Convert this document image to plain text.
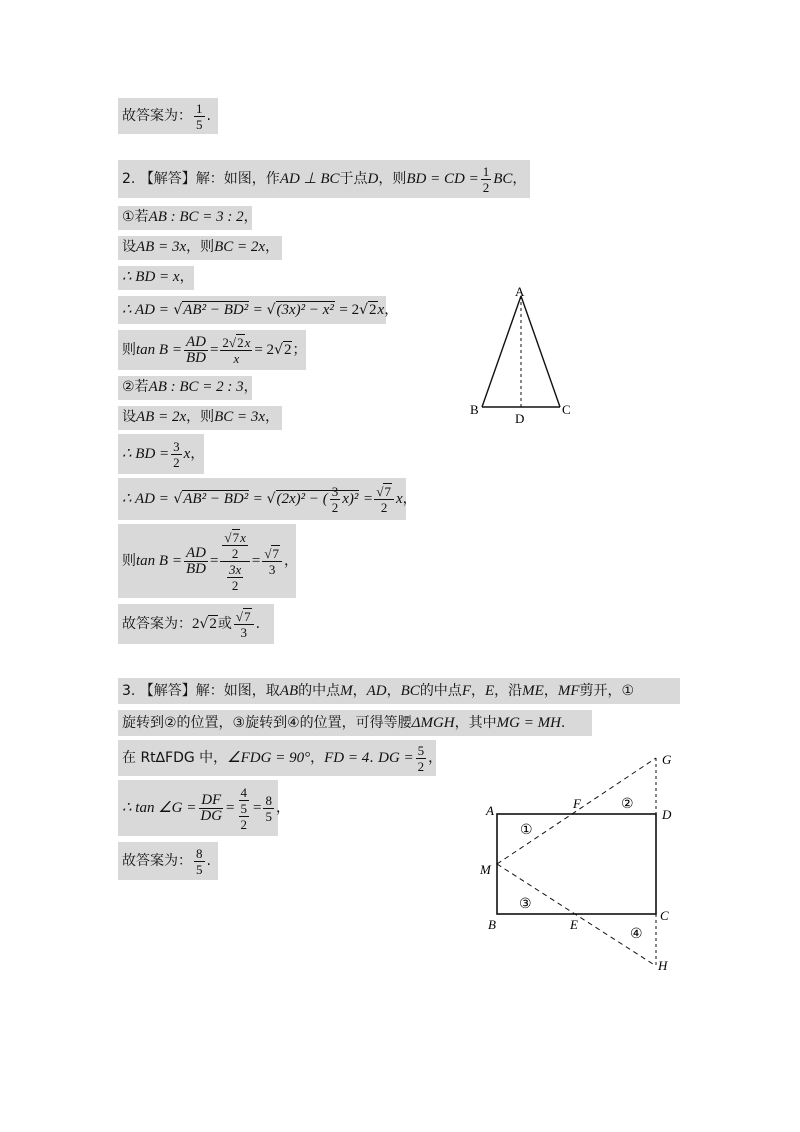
故答案为： $\frac{1}{5}$ .
2. 【解答】解：如图，作AD ⊥ BC于点D，则BD = CD = $\frac{1}{2}$ BC，
①若AB : BC = 3 : 2，
设AB = 3x，则BC = 2x，
∴ BD = x，
∴ AD = √AB² − BD² = √(3x)² − x² = 2√2x，
则$\tan B = \frac{AD}{BD} = \frac{2√2x}{x} = 2√2$；
②若AB : BC = 2 : 3，
设AB = 2x，则BC = 3x，
∴ BD = $\frac{3}{2}$ x，
∴ AD = √AB² − BD² = √(2x)² − ( $\frac{3}{2} x)^2 = \frac{√7}{2}$ x，
则$\tan B = \frac{AD}{BD} = \frac{\frac{√7x}{2}}{\frac{3x}{2}} = \frac{√7}{3}$ ，
故答案为：2√2或 $\frac{√7}{3}$ .
A
B	C
D
3. 【解答】解：如图，取AB的中点M，AD，BC的中点F，E，沿ME，MF剪开，①
旋转到②的位置，③旋转到④的位置，可得等腰ΔMGH，其中MG = MH.
在 Rt∆FDG 中，∠FDG = 90°，FD = 4. DG = $\frac{5}{2}$ ，
∴ tan ∠G = $\frac{DF}{DG} = \frac{4}{\frac{5}{2}} = \frac{8}{5}$ ，
故答案为： $\frac{8}{5}$ .
A
B
C
D
E
F
G
H
M
①
②
③
④
